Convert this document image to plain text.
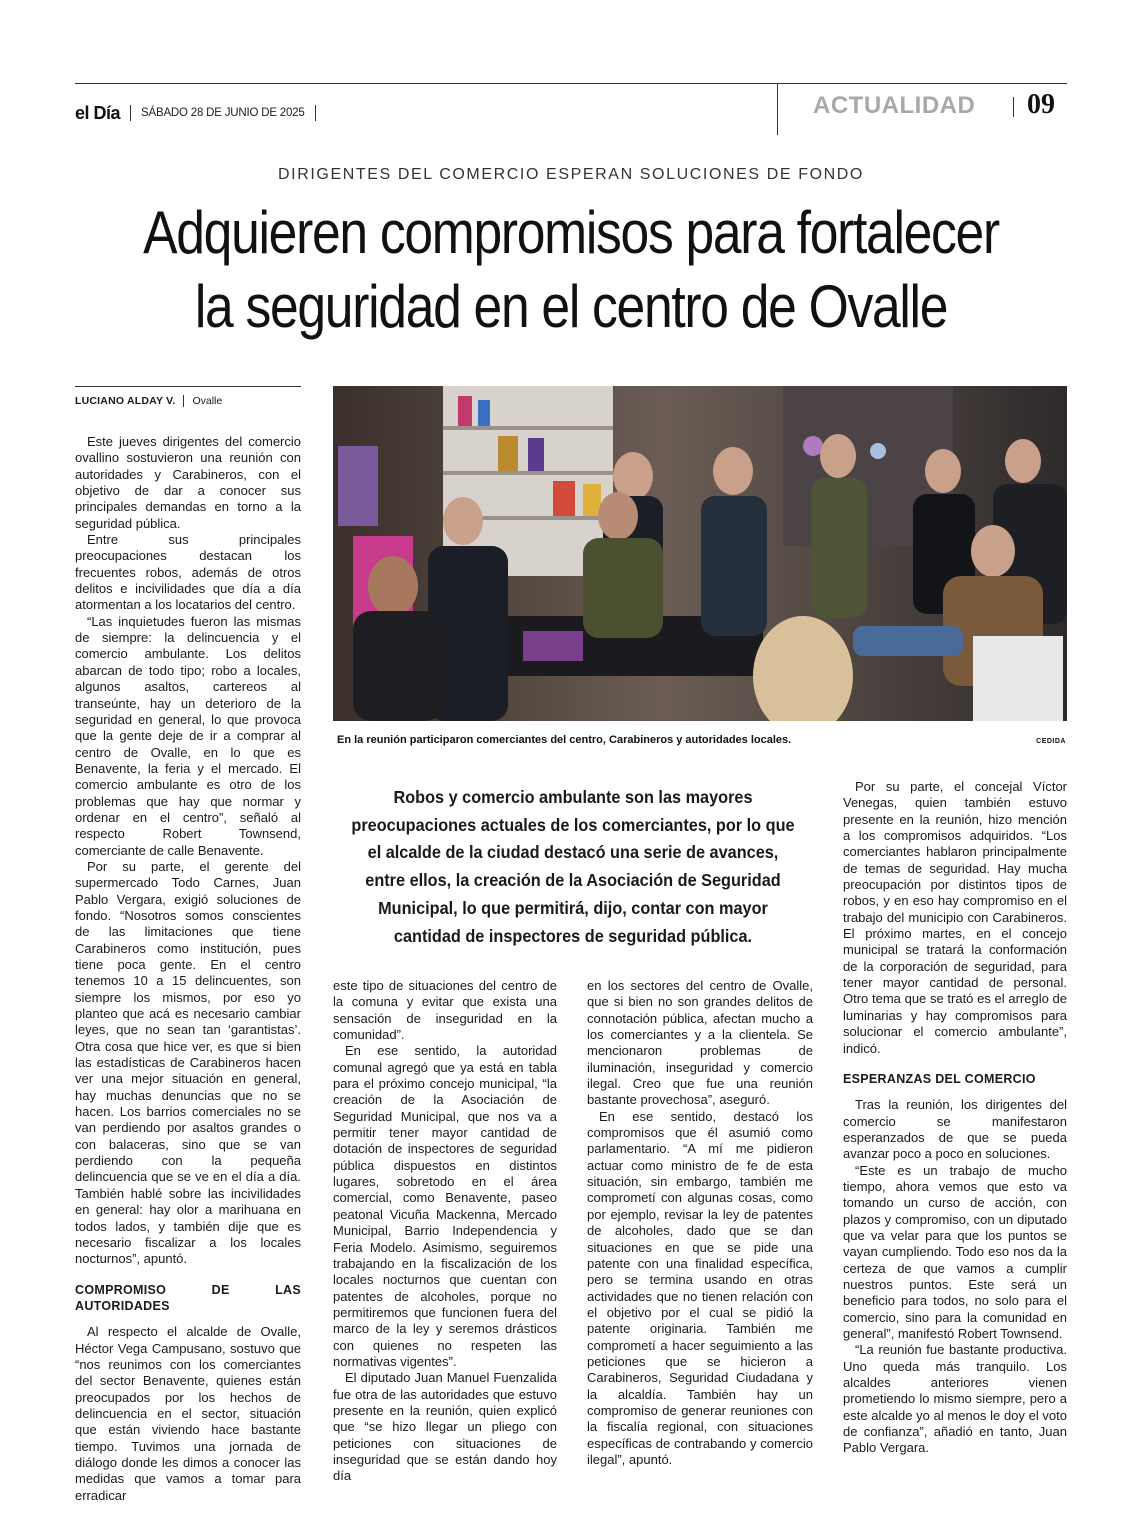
el Día SÁBADO 28 DE JUNIO DE 2025	ACTUALIDAD 09
DIRIGENTES DEL COMERCIO ESPERAN SOLUCIONES DE FONDO
Adquieren compromisos para fortalecer
la seguridad en el centro de Ovalle
LUCIANO ALDAY V. Ovalle
En la reunión participaron comerciantes del centro, Carabineros y autoridades locales.	CEDIDA

Este jueves dirigentes del comercio ovallino sostuvieron una reunión con autoridades y Carabineros, con el objetivo de dar a conocer sus principales demandas en torno a la seguridad pública.

Entre sus principales preocupaciones destacan los frecuentes robos, además de otros delitos e incivilidades que día a día atormentan a los locatarios del centro.

“Las inquietudes fueron las mismas de siempre: la delincuencia y el comercio ambulante. Los delitos abarcan de todo tipo; robo a locales, algunos asaltos, cartereos al transeúnte, hay un deterioro de la seguridad en general, lo que provoca que la gente deje de ir a comprar al centro de Ovalle, en lo que es Benavente, la feria y el mercado. El comercio ambulante es otro de los problemas que hay que normar y ordenar en el centro”, señaló al respecto Robert Townsend, comerciante de calle Benavente.

Por su parte, el gerente del supermercado Todo Carnes, Juan Pablo Vergara, exigió soluciones de fondo. “Nosotros somos conscientes de las limitaciones que tiene Carabineros como institución, pues tiene poca gente. En el centro tenemos 10 a 15 delincuentes, son siempre los mismos, por eso yo planteo que acá es necesario cambiar leyes, que no sean tan ‘garantistas’. Otra cosa que hice ver, es que si bien las estadísticas de Carabineros hacen ver una mejor situación en general, hay muchas denuncias que no se hacen. Los barrios comerciales no se van perdiendo por asaltos grandes o con balaceras, sino que se van perdiendo con la pequeña delincuencia que se ve en el día a día. También hablé sobre las incivilidades en general: hay olor a marihuana en todos lados, y también dije que es necesario fiscalizar a los locales nocturnos”, apuntó.

COMPROMISO DE LAS AUTORIDADES

Al respecto el alcalde de Ovalle, Héctor Vega Campusano, sostuvo que “nos reunimos con los comerciantes del sector Benavente, quienes están preocupados por los hechos de delincuencia en el sector, situación que están viviendo hace bastante tiempo. Tuvimos una jornada de diálogo donde les dimos a conocer las medidas que vamos a tomar para erradicar

Robos y comercio ambulante son las mayores preocupaciones actuales de los comerciantes, por lo que el alcalde de la ciudad destacó una serie de avances, entre ellos, la creación de la Asociación de Seguridad Municipal, lo que permitirá, dijo, contar con mayor cantidad de inspectores de seguridad pública.

este tipo de situaciones del centro de la comuna y evitar que exista una sensación de inseguridad en la comunidad”.

En ese sentido, la autoridad comunal agregó que ya está en tabla para el próximo concejo municipal, “la creación de la Asociación de Seguridad Municipal, que nos va a permitir tener mayor cantidad de dotación de inspectores de seguridad pública dispuestos en distintos lugares, sobretodo en el área comercial, como Benavente, paseo peatonal Vicuña Mackenna, Mercado Municipal, Barrio Independencia y Feria Modelo. Asimismo, seguiremos trabajando en la fiscalización de los locales nocturnos que cuentan con patentes de alcoholes, porque no permitiremos que funcionen fuera del marco de la ley y seremos drásticos con quienes no respeten las normativas vigentes”.

El diputado Juan Manuel Fuenzalida fue otra de las autoridades que estuvo presente en la reunión, quien explicó que “se hizo llegar un pliego con peticiones con situaciones de inseguridad que se están dando hoy día

en los sectores del centro de Ovalle, que si bien no son grandes delitos de connotación pública, afectan mucho a los comerciantes y a la clientela. Se mencionaron problemas de iluminación, inseguridad y comercio ilegal. Creo que fue una reunión bastante provechosa”, aseguró.

En ese sentido, destacó los compromisos que él asumió como parlamentario. “A mí me pidieron actuar como ministro de fe de esta situación, sin embargo, también me comprometí con algunas cosas, como por ejemplo, revisar la ley de patentes de alcoholes, dado que se dan situaciones en que se pide una patente con una finalidad específica, pero se termina usando en otras actividades que no tienen relación con el objetivo por el cual se pidió la patente originaria. También me comprometí a hacer seguimiento a las peticiones que se hicieron a Carabineros, Seguridad Ciudadana y la alcaldía. También hay un compromiso de generar reuniones con la fiscalía regional, con situaciones específicas de contrabando y comercio ilegal”, apuntó.

Por su parte, el concejal Víctor Venegas, quien también estuvo presente en la reunión, hizo mención a los compromisos adquiridos. “Los comerciantes hablaron principalmente de temas de seguridad. Hay mucha preocupación por distintos tipos de robos, y en eso hay compromiso en el trabajo del municipio con Carabineros. El próximo martes, en el concejo municipal se tratará la conformación de la corporación de seguridad, para tener mayor cantidad de personal. Otro tema que se trató es el arreglo de luminarias y hay compromisos para solucionar el comercio ambulante”, indicó.

ESPERANZAS DEL COMERCIO

Tras la reunión, los dirigentes del comercio se manifestaron esperanzados de que se pueda avanzar poco a poco en soluciones.

“Este es un trabajo de mucho tiempo, ahora vemos que esto va tomando un curso de acción, con plazos y compromiso, con un diputado que va velar para que los puntos se vayan cumpliendo. Todo eso nos da la certeza de que vamos a cumplir nuestros puntos. Este será un beneficio para todos, no solo para el comercio, sino para la comunidad en general”, manifestó Robert Townsend.

“La reunión fue bastante productiva. Uno queda más tranquilo. Los alcaldes anteriores vienen prometiendo lo mismo siempre, pero a este alcalde yo al menos le doy el voto de confianza”, añadió en tanto, Juan Pablo Vergara.
